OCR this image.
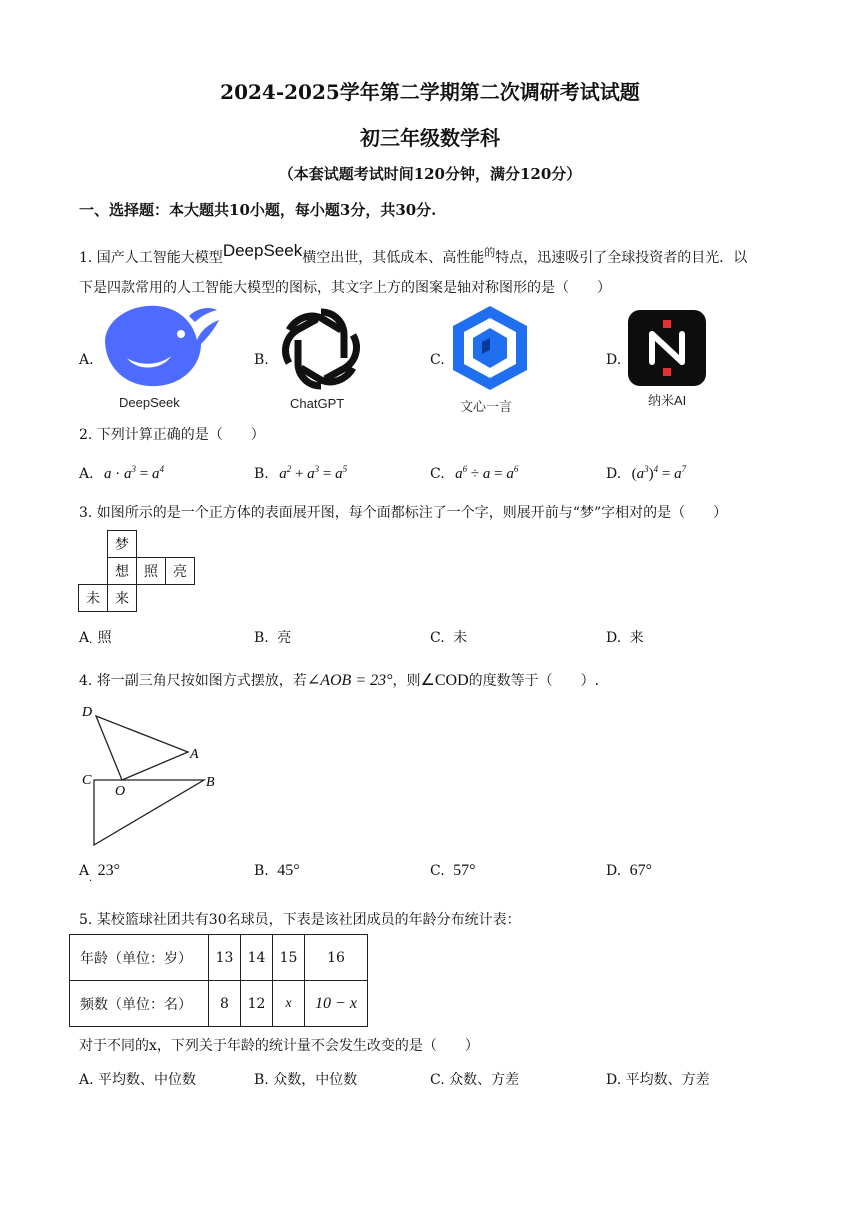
2024-2025学年第二学期第二次调研考试试题
初三年级数学科
（本套试题考试时间120分钟，满分120分）
一、选择题：本大题共10小题，每小题3分，共30分.
1. 国产人工智能大模型DeepSeek横空出世，其低成本、高性能$^的$特点，迅速吸引了全球投资者的目光．以
下是四款常用的人工智能大模型的图标，其文字上方的图案是轴对称图形的是（　　）
A.
DeepSeek
B.
ChatGPT
C.
文心一言
D.
纳米AI
2. 下列计算正确的是（　　）
A. $a \cdot a^3 = a^4$	B. $a^2 + a^3 = a^5$	C. $a^6 \div a = a^6$	D. $(a^3)^4 = a^7$
3. 如图所示的是一个正方体的表面展开图，每个面都标注了一个字，则展开前与“梦”字相对的是（　　）
	梦		
	想	照	亮
未	来		
A 照
·	B. 亮	C. 未	D. 来
4. 将一副三角尺按如图方式摆放，若∠AOB = 23°，则∠COD的度数等于（　　）.
D
A
C
O
B
A 23°
·
B. 45°	C. 57°	D. 67°
5. 某校篮球社团共有30名球员，下表是该社团成员的年龄分布统计表：
年龄（单位：岁）	13	14	15	16
频数（单位：名）	8	12	x	10 − x
对于不同的x，下列关于年龄的统计量不会发生改变的是（　　）
A. 平均数、中位数	B. 众数，中位数	C. 众数、方差	D. 平均数、方差
